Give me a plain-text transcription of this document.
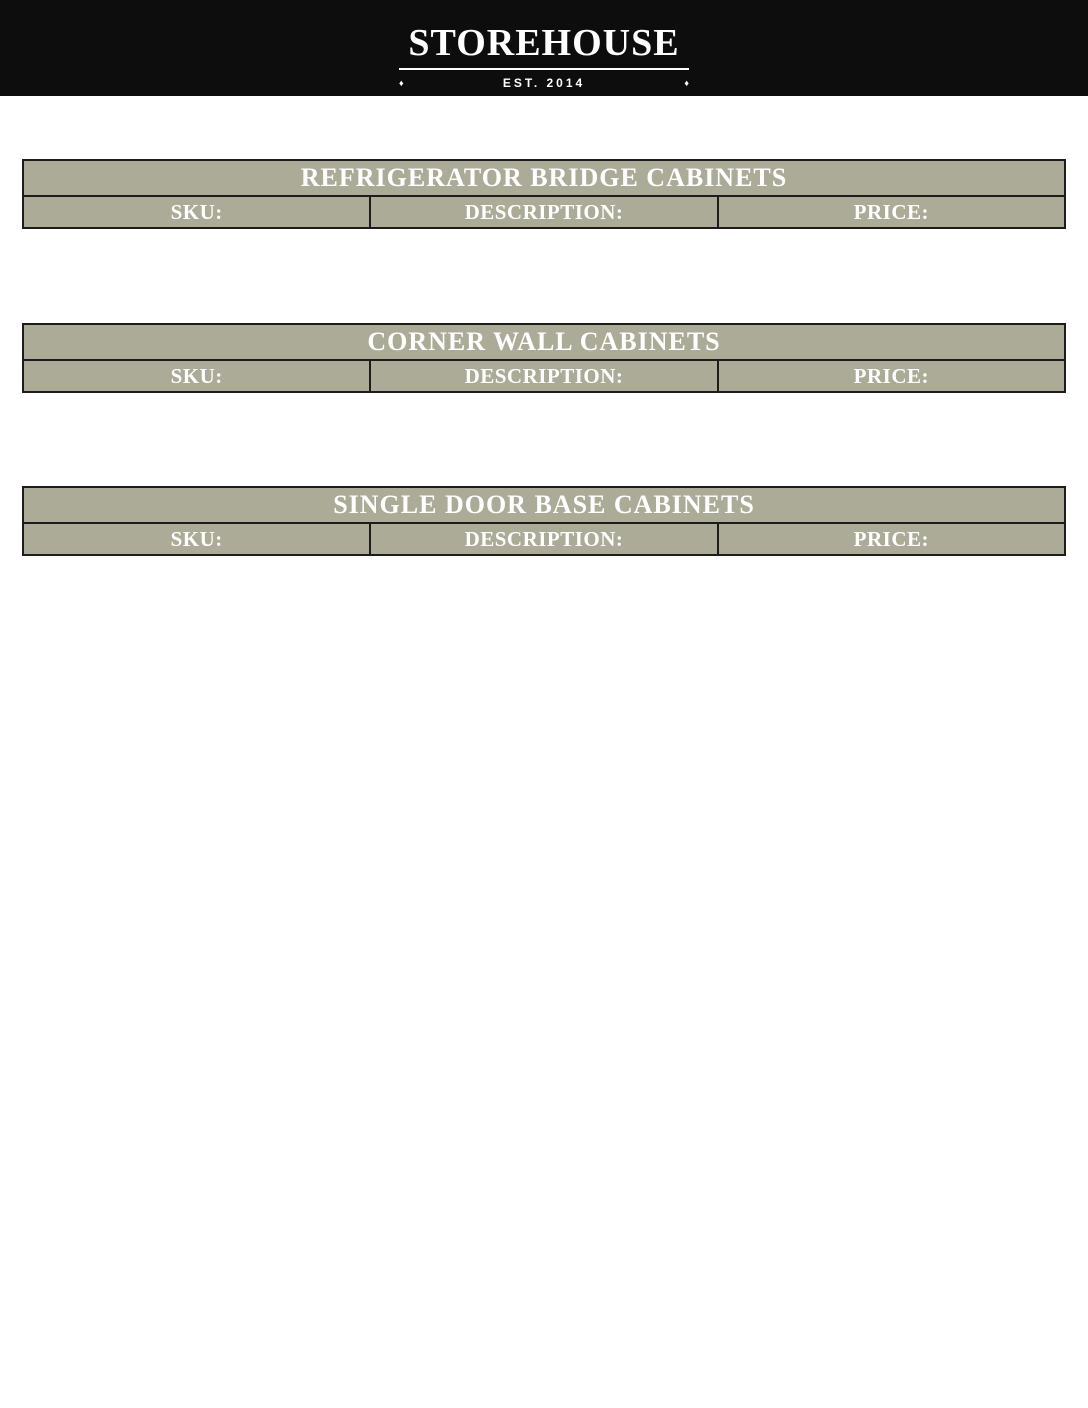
STOREHOUSE
♦	EST. 2014	♦
REFRIGERATOR BRIDGE CABINETS
SKU:	DESCRIPTION:	PRICE:
CORNER WALL CABINETS
SKU:	DESCRIPTION:	PRICE:
SINGLE DOOR BASE CABINETS
SKU:	DESCRIPTION:	PRICE:
